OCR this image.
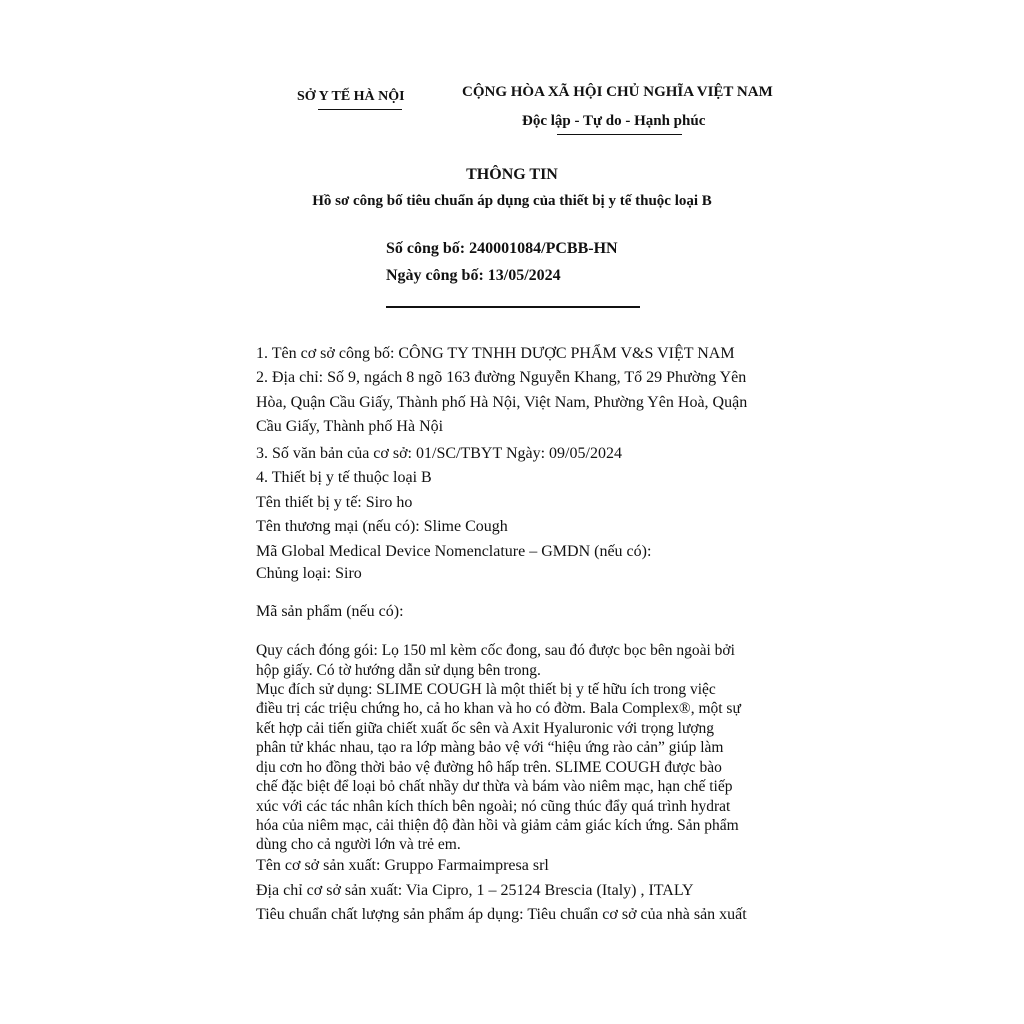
SỞ Y TẾ HÀ NỘI	CỘNG HÒA XÃ HỘI CHỦ NGHĨA VIỆT NAM
Độc lập - Tự do - Hạnh phúc
THÔNG TIN
Hồ sơ công bố tiêu chuẩn áp dụng của thiết bị y tế thuộc loại B
Số công bố: 240001084/PCBB-HN
Ngày công bố: 13/05/2024
1. Tên cơ sở công bố: CÔNG TY TNHH DƯỢC PHẨM V&S VIỆT NAM
2. Địa chỉ: Số 9, ngách 8 ngõ 163 đường Nguyễn Khang, Tổ 29 Phường Yên
Hòa, Quận Cầu Giấy, Thành phố Hà Nội, Việt Nam, Phường Yên Hoà, Quận
Cầu Giấy, Thành phố Hà Nội
3. Số văn bản của cơ sở: 01/SC/TBYT Ngày: 09/05/2024
4. Thiết bị y tế thuộc loại B
Tên thiết bị y tế: Siro ho
Tên thương mại (nếu có): Slime Cough
Mã Global Medical Device Nomenclature – GMDN (nếu có):
Chủng loại: Siro
Mã sản phẩm (nếu có):
Quy cách đóng gói: Lọ 150 ml kèm cốc đong, sau đó được bọc bên ngoài bởi
hộp giấy. Có tờ hướng dẫn sử dụng bên trong.
Mục đích sử dụng: SLIME COUGH là một thiết bị y tế hữu ích trong việc
điều trị các triệu chứng ho, cả ho khan và ho có đờm. Bala Complex®, một sự
kết hợp cải tiến giữa chiết xuất ốc sên và Axit Hyaluronic với trọng lượng
phân tử khác nhau, tạo ra lớp màng bảo vệ với “hiệu ứng rào cản” giúp làm
dịu cơn ho đồng thời bảo vệ đường hô hấp trên. SLIME COUGH được bào
chế đặc biệt để loại bỏ chất nhầy dư thừa và bám vào niêm mạc, hạn chế tiếp
xúc với các tác nhân kích thích bên ngoài; nó cũng thúc đẩy quá trình hydrat
hóa của niêm mạc, cải thiện độ đàn hồi và giảm cảm giác kích ứng. Sản phẩm
dùng cho cả người lớn và trẻ em.
Tên cơ sở sản xuất: Gruppo Farmaimpresa srl
Địa chỉ cơ sở sản xuất: Via Cipro, 1 – 25124 Brescia (Italy) , ITALY
Tiêu chuẩn chất lượng sản phẩm áp dụng: Tiêu chuẩn cơ sở của nhà sản xuất
